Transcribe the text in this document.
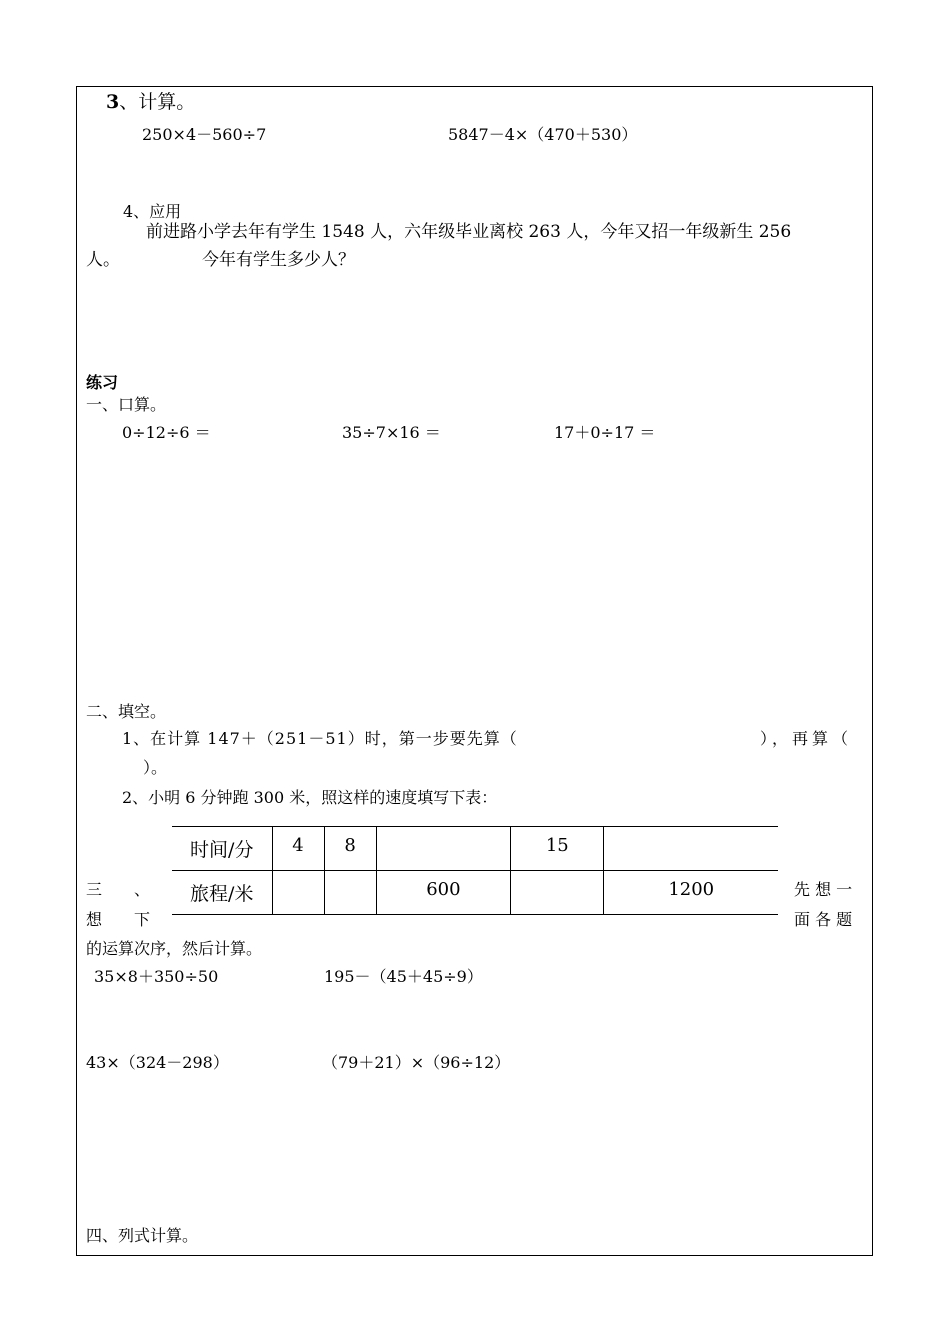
3、计算。
250×4－560÷7	5847－4×（470＋530）
4、应用
前进路小学去年有学生 1548 人，六年级毕业离校 263 人，今年又招一年级新生 256
人。	今年有学生多少人？
练习
一、口算。
0÷12÷6 ＝	35÷7×16 ＝	17＋0÷17 ＝
二、填空。
1、在计算 147＋（251－51）时，第一步要先算（	），再算（
）。
2、小明 6 分钟跑 300 米，照这样的速度填写下表：
时间/分	4	8		15	
旅程/米			600		1200
三　　、
想　　下
先 想 一
面 各 题
的运算次序，然后计算。
35×8＋350÷50	195－（45＋45÷9）
43×（324－298）	（79＋21）×（96÷12）
四、列式计算。
